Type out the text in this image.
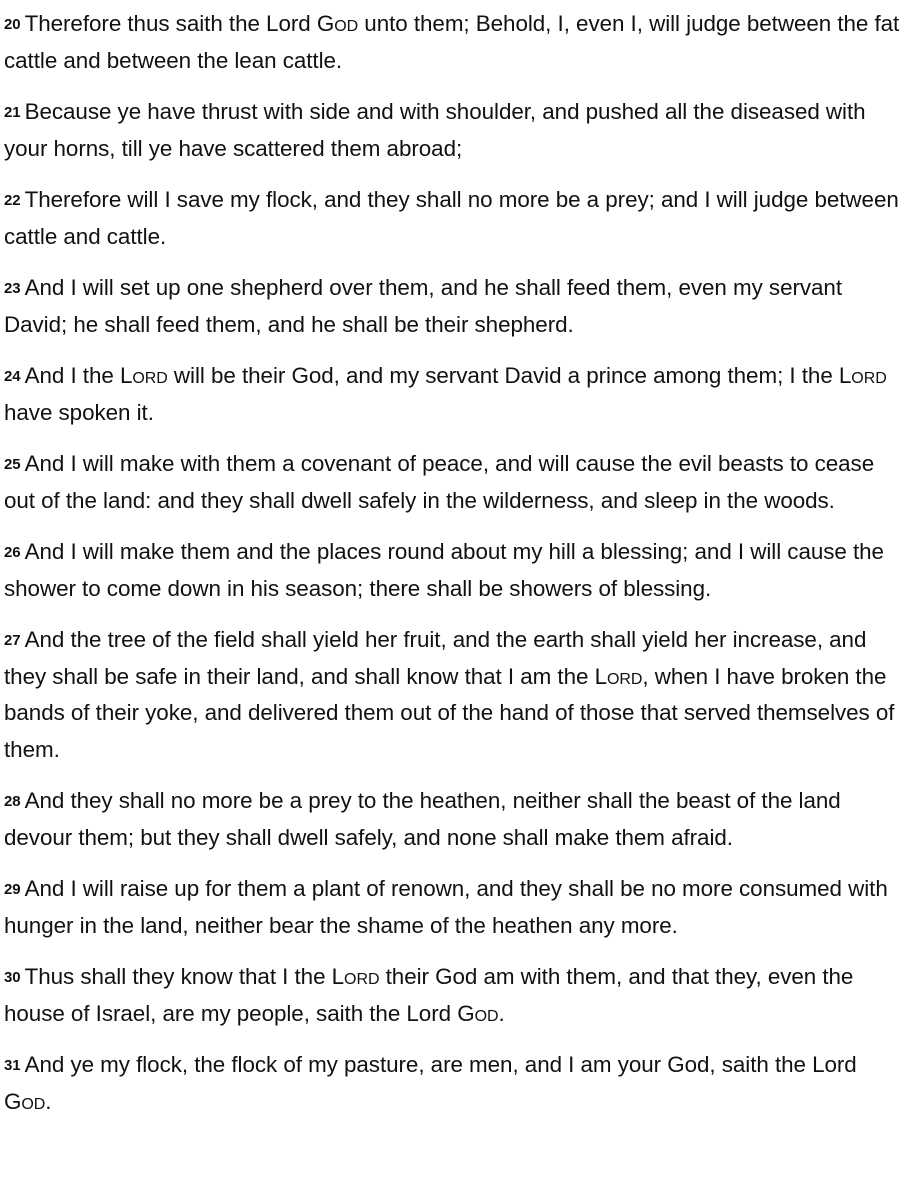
$^{20}$ Therefore thus saith the Lord God unto them; Behold, I, even I, will judge between the fat cattle and between the lean cattle.

$^{21}$ Because ye have thrust with side and with shoulder, and pushed all the diseased with your horns, till ye have scattered them abroad;

$^{22}$ Therefore will I save my flock, and they shall no more be a prey; and I will judge between cattle and cattle.

$^{23}$ And I will set up one shepherd over them, and he shall feed them, even my servant David; he shall feed them, and he shall be their shepherd.

$^{24}$ And I the Lord will be their God, and my servant David a prince among them; I the Lord have spoken it.

$^{25}$ And I will make with them a covenant of peace, and will cause the evil beasts to cease out of the land: and they shall dwell safely in the wilderness, and sleep in the woods.

$^{26}$ And I will make them and the places round about my hill a blessing; and I will cause the shower to come down in his season; there shall be showers of blessing.

$^{27}$ And the tree of the field shall yield her fruit, and the earth shall yield her increase, and they shall be safe in their land, and shall know that I am the Lord, when I have broken the bands of their yoke, and delivered them out of the hand of those that served themselves of them.

$^{28}$ And they shall no more be a prey to the heathen, neither shall the beast of the land devour them; but they shall dwell safely, and none shall make them afraid.

$^{29}$ And I will raise up for them a plant of renown, and they shall be no more consumed with hunger in the land, neither bear the shame of the heathen any more.

$^{30}$ Thus shall they know that I the Lord their God am with them, and that they, even the house of Israel, are my people, saith the Lord God.

$^{31}$ And ye my flock, the flock of my pasture, are men, and I am your God, saith the Lord God.
